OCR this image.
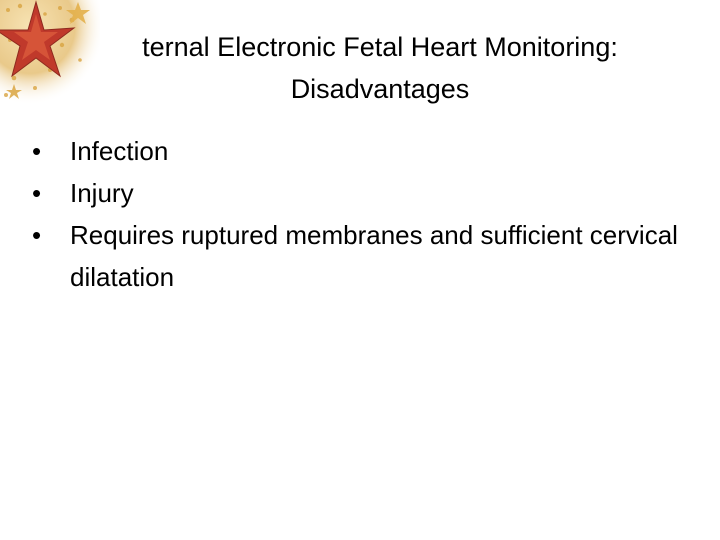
ternal Electronic Fetal Heart Monitoring:
Disadvantages
• Infection
• Injury
• Requires ruptured membranes and sufficient cervical dilatation
